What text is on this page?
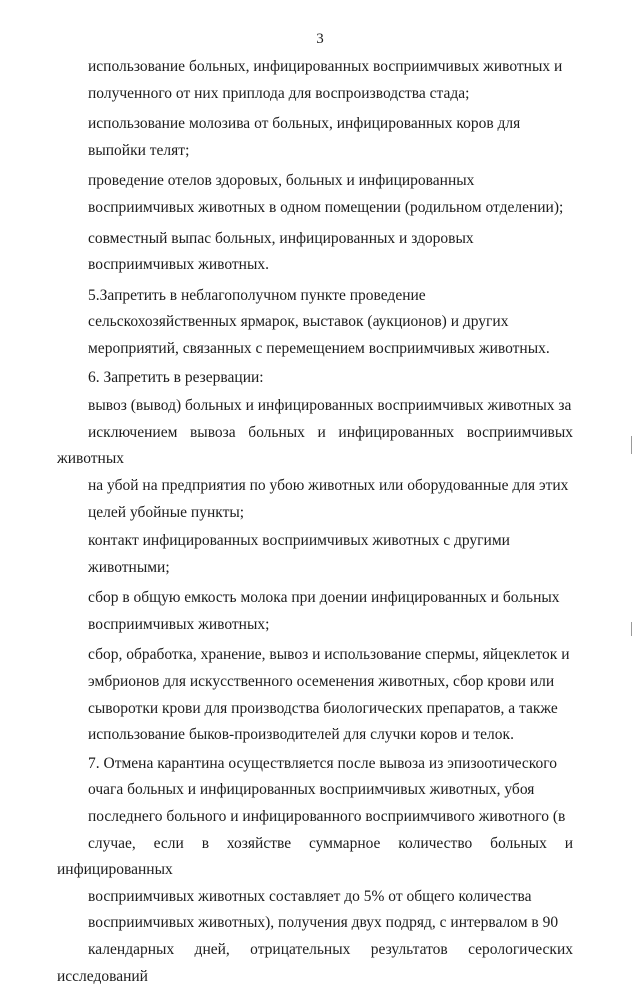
3

использование больных, инфицированных восприимчивых животных и
полученного от них приплода для воспроизводства стада;

использование молозива от больных, инфицированных коров для
выпойки телят;

проведение отелов здоровых, больных и инфицированных
восприимчивых животных в одном помещении (родильном отделении);

совместный выпас больных, инфицированных и здоровых
восприимчивых животных.

5.Запретить в неблагополучном пункте проведение
сельскохозяйственных ярмарок, выставок (аукционов) и других
мероприятий, связанных с перемещением восприимчивых животных.

6. Запретить в резервации:

вывоз (вывод) больных и инфицированных восприимчивых животных за
исключением вывоза больных и инфицированных восприимчивых животных
на убой на предприятия по убою животных или оборудованные для этих
целей убойные пункты;

контакт инфицированных восприимчивых животных с другими
животными;

сбор в общую емкость молока при доении инфицированных и больных
восприимчивых животных;

сбор, обработка, хранение, вывоз и использование спермы, яйцеклеток и
эмбрионов для искусственного осеменения животных, сбор крови или
сыворотки крови для производства биологических препаратов, а также
использование быков-производителей для случки коров и телок.

7. Отмена карантина осуществляется после вывоза из эпизоотического
очага больных и инфицированных восприимчивых животных, убоя
последнего больного и инфицированного восприимчивого животного (в
случае, если в хозяйстве суммарное количество больных и инфицированных
восприимчивых животных составляет до 5% от общего количества
восприимчивых животных), получения двух подряд, с интервалом в 90
календарных дней, отрицательных результатов серологических исследований
